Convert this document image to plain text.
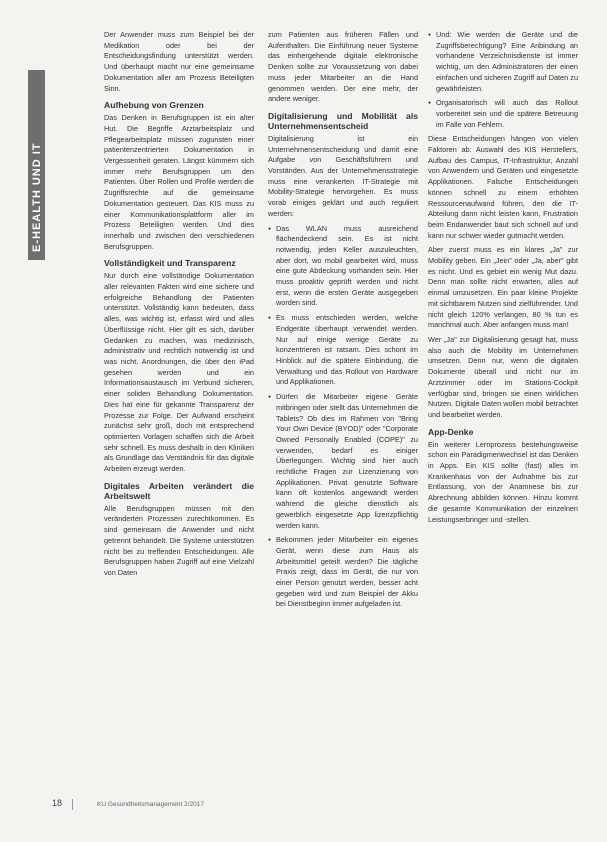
E-HEALTH UND IT

Der Anwender muss zum Beispiel bei der Medikation oder bei der Entscheidungsfindung unterstützt werden. Und überhaupt macht nur eine gemeinsame Dokumentation aller am Prozess Beteiligten Sinn.

Aufhebung von Grenzen

Das Denken in Berufsgruppen ist ein alter Hut. Die Begriffe Arztarbeitsplatz und Pflegearbeitsplatz müssen zugunsten einer patientenzentrierten Dokumentation in Vergessenheit geraten. Längst kümmern sich immer mehr Berufsgruppen um den Patienten. Über Rollen und Profile werden die Zugriffsrechte auf die gemeinsame Dokumentation gesteuert. Das KIS muss zu einer Kommunikationsplattform aller im Prozess Beteiligten werden. Und dies innerhalb und zwischen den verschiedenen Berufsgruppen.

Vollständigkeit und Transparenz

Nur durch eine vollständige Dokumentation aller relevanten Fakten wird eine sichere und erfolgreiche Behandlung der Patienten unterstützt. Vollständig kann bedeuten, dass alles, was wichtig ist, erfasst wird und alles Überflüssige nicht. Hier gilt es sich, darüber Gedanken zu machen, was medizinisch, administrativ und rechtlich notwendig ist und was nicht. Anordnungen, die über den iPad gesehen werden und ein Informationsaustausch im Verbund sicheren, einer soliden Behandlung Dokumentation. Dies hat eine für gekannte Transparenz der Prozesse zur Folge. Der Aufwand erscheint zunächst sehr groß, doch mit entsprechend optimierten Vorlagen schaffen sich die Arbeit sehr schnell. Es muss deshalb in den Kliniken als Grundlage das Verständnis für das digitale Arbeiten erzeugt werden.

Digitales Arbeiten verändert die Arbeitswelt

Alle Berufsgruppen müssen mit den veränderten Prozessen zurechtkommen. Es sind gemeinsam die Anwender und nicht getrennt behandelt. Die Systeme unterstützen nicht bei zu treffenden Entscheidungen. Alle Berufsgruppen haben Zugriff auf eine Vielzahl von Daten

zum Patienten aus früheren Fällen und Aufenthalten. Die Einführung neuer Systeme das einhergehende digitale elektronische Denken sollte zur Voraussetzung von dabei muss jeder Mitarbeiter an die Hand genommen werden. Der eine mehr, der andere weniger.

Digitalisierung und Mobilität als Unternehmensentscheid

Digitalisierung ist ein Unternehmensentscheidung und damit eine Aufgabe von Geschäftsführern und Vorständen. Aus der Unternehmensstrategie muss eine verankerten IT-Strategie mit Mobility-Strategie hervorgehen. Es muss vorab einiges geklärt und auch reguliert werden:

● Das WLAN muss ausreichend flächendeckend sein. Es ist nicht notwendig, jeden Keller auszuleuchten, aber dort, wo mobil gearbeitet wird, muss eine gute Abdeckung vorhanden sein. Hier muss proaktiv geprüft werden und nicht erst, wenn die ersten Geräte ausgegeben worden sind.

● Es muss entschieden werden, welche Endgeräte überhaupt verwendet werden. Nur auf einige wenige Geräte zu konzentrieren ist ratsam. Dies schont im Hinblick auf die spätere Einbindung, die Verwaltung und das Rollout von Hardware und Applikationen.

● Dürfen die Mitarbeiter eigene Geräte mitbringen oder stellt das Unternehmen die Tablets? Ob dies im Rahmen von "Bring Your Own Device (BYOD)" oder "Corporate Owned Personally Enabled (COPE)" zu verwenden, bedarf es einiger Überlegungen. Wichtig sind hier auch rechtliche Fragen zur Lizenzierung von Applikationen. Privat genutzte Software kann oft kostenlos angewandt werden während die gleiche dienstlich als gewerblich eingesetzte App lizenzpflichtig werden kann.

● Bekommen jeder Mitarbeiter ein eigenes Gerät, wenn diese zum Haus als Arbeitsmittel geteilt werden? Die tägliche Praxis zeigt, dass im Gerät, die nur von einer Person genutzt werden, besser acht gegeben wird und zum Beispiel der Akku bei Dienstbeginn immer aufgeladen ist.

● Und: Wie werden die Geräte und die Zugriffsberechtigung? Eine Anbindung an vorhandene Verzeichnisdienste ist immer wichtig, um den Administratoren der einen einfachen und sicheren Zugriff auf Daten zu gewährleisten.

● Organisatorisch will auch das Rollout vorbereitet sein und die spätere Betreuung im Falle von Fehlern.

Diese Entscheidungen hängen von vielen Faktoren ab: Auswahl des KIS Herstellers, Aufbau des Campus, IT-Infrastruktur, Anzahl von Anwendern und Geräten und eingesetzte Applikationen. Falsche Entscheidungen können schnell zu einem erhöhten Ressourcenaufwand führen, den die IT-Abteilung dann nicht leisten kann, Frustration beim Endanwender baut sich schnell auf und kann nur schwer wieder gutmacht werden.

Aber zuerst muss es ein klares „Ja" zur Mobility geben. Ein „Jein" oder „Ja, aber" gibt es nicht. Und es gebiet ein wenig Mut dazu. Denn man sollte nicht erwarten, alles auf einmal umzusetzen. Ein paar kleine Projekte mit sichtbarem Nutzen sind zielführender. Und nicht gleich 120% verlangen, 80 % tun es manchmal auch. Aber anfangen muss man!

Wer „Ja" zur Digitalisierung gesagt hat, muss also auch die Mobility im Unternehmen umsetzen. Denn nur, wenn die digitalen Dokumente überall und nicht nur im Arztzimmer oder im Stations-Cockpit verfügbar sind, bringen sie einen wirklichen Nutzen. Digitale Daten wollen mobil betrachtet und bearbeitet werden.

App-Denke

Ein weiterer Lernprozess bestehungsweise schon ein Paradigmenwechsel ist das Denken in Apps. Ein KIS sollte (fast) alles im Krankenhaus von der Aufnahme bis zur Entlassung, von der Anamnese bis zur Abrechnung abbilden können. Hinzu kommt die gesamte Kommunikation der einzelnen Leistungserbringer und -stellen.

18	KU Gesundheitsmanagement 2/2017
